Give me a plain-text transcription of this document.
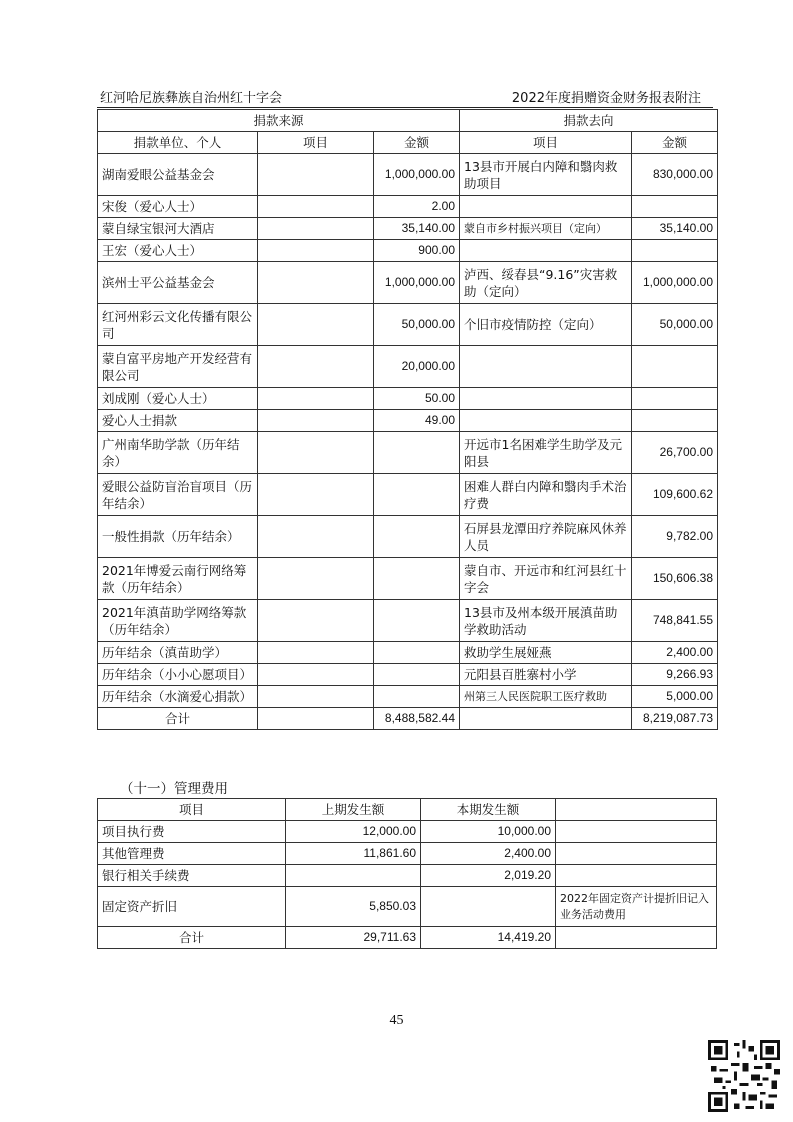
红河哈尼族彝族自治州红十字会	2022年度捐赠资金财务报表附注
捐款来源			捐款去向	
捐款单位、个人	项目	金额	项目	金额
湖南爱眼公益基金会		1,000,000.00	13县市开展白内障和翳肉救助项目	830,000.00
宋俊（爱心人士）		2.00		
蒙自绿宝银河大酒店		35,140.00	蒙自市乡村振兴项目（定向）	35,140.00
王宏（爱心人士）		900.00		
滨州士平公益基金会		1,000,000.00	泸西、绥春县“9.16”灾害救助（定向）	1,000,000.00
红河州彩云文化传播有限公司		50,000.00	个旧市疫情防控（定向）	50,000.00
蒙自富平房地产开发经营有限公司		20,000.00		
刘成刚（爱心人士）		50.00		
爱心人士捐款		49.00		
广州南华助学款（历年结余）			开远市1名困难学生助学及元阳县	26,700.00
爱眼公益防盲治盲项目（历年结余）			困难人群白内障和翳肉手术治疗费	109,600.62
一般性捐款（历年结余）			石屏县龙潭田疗养院麻风休养人员	9,782.00
2021年博爱云南行网络筹款（历年结余）			蒙自市、开远市和红河县红十字会	150,606.38
2021年滇苗助学网络筹款（历年结余）			13县市及州本级开展滇苗助学救助活动	748,841.55
历年结余（滇苗助学）			救助学生展娅燕	2,400.00
历年结余（小小心愿项目）			元阳县百胜寨村小学	9,266.93
历年结余（水滴爱心捐款）			州第三人民医院职工医疗救助	5,000.00
合计		8,488,582.44		8,219,087.73
（十一）管理费用
项目	上期发生额	本期发生额	
项目执行费	12,000.00	10,000.00	
其他管理费	11,861.60	2,400.00	
银行相关手续费		2,019.20	
固定资产折旧	5,850.03		2022年固定资产计提折旧记入业务活动费用
合计	29,711.63	14,419.20	
45
